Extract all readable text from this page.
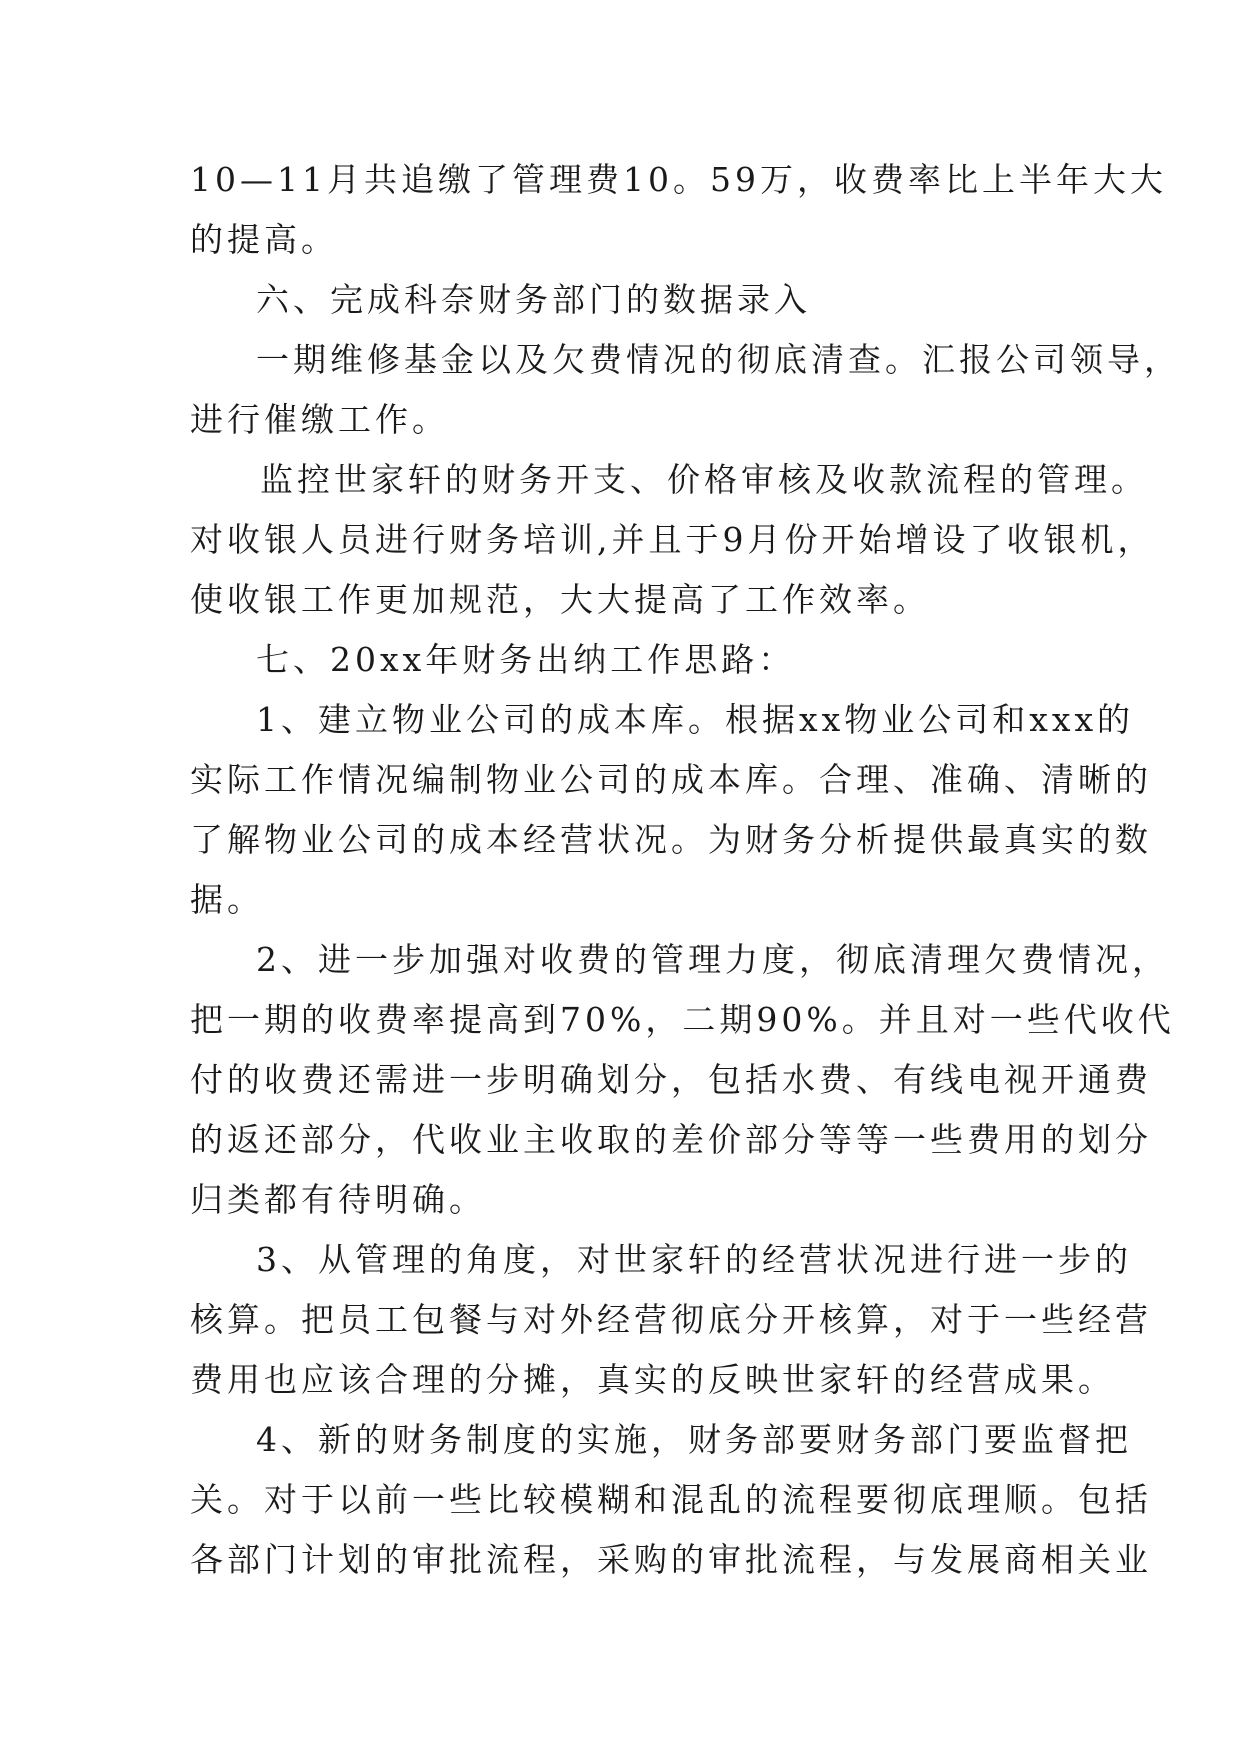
10—11月共追缴了管理费10。59万，收费率比上半年大大

的提高。

六、完成科奈财务部门的数据录入

一期维修基金以及欠费情况的彻底清查。汇报公司领导，

进行催缴工作。

监控世家轩的财务开支、价格审核及收款流程的管理。

对收银人员进行财务培训,并且于9月份开始增设了收银机，

使收银工作更加规范，大大提高了工作效率。

七、20xx年财务出纳工作思路：

1、建立物业公司的成本库。根据xx物业公司和xxx的

实际工作情况编制物业公司的成本库。合理、准确、清晰的

了解物业公司的成本经营状况。为财务分析提供最真实的数

据。

2、进一步加强对收费的管理力度，彻底清理欠费情况，

把一期的收费率提高到70%，二期90%。并且对一些代收代

付的收费还需进一步明确划分，包括水费、有线电视开通费

的返还部分，代收业主收取的差价部分等等一些费用的划分

归类都有待明确。

3、从管理的角度，对世家轩的经营状况进行进一步的

核算。把员工包餐与对外经营彻底分开核算，对于一些经营

费用也应该合理的分摊，真实的反映世家轩的经营成果。

4、新的财务制度的实施，财务部要财务部门要监督把

关。对于以前一些比较模糊和混乱的流程要彻底理顺。包括

各部门计划的审批流程，采购的审批流程，与发展商相关业
